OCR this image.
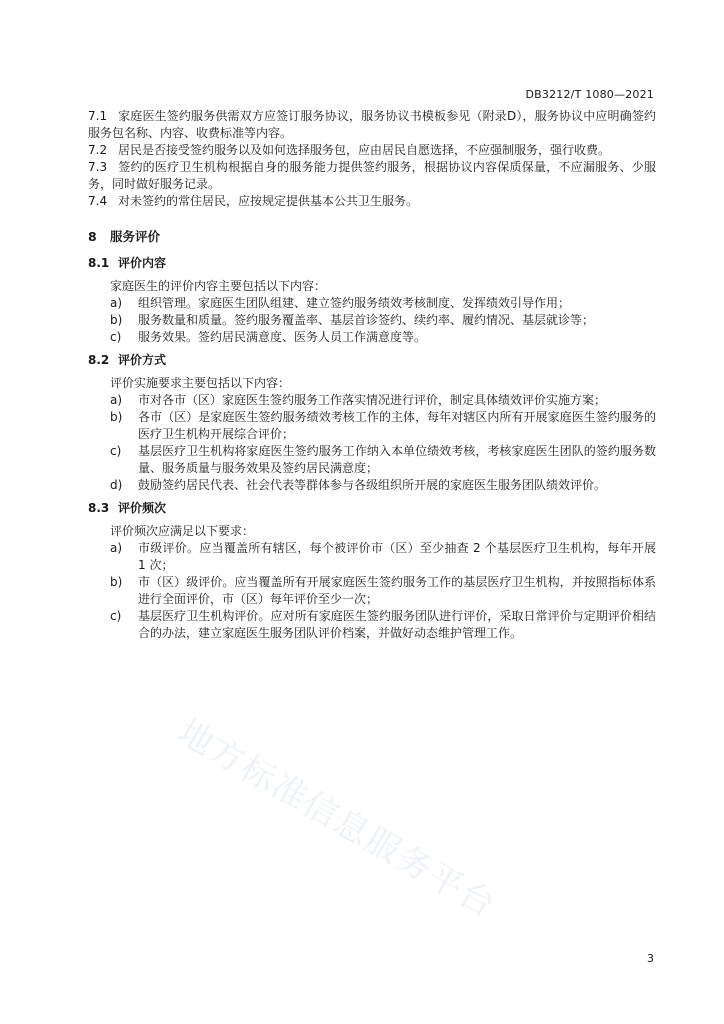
DB3212/T 1080—2021
地方标准信息服务平台

7.1 家庭医生签约服务供需双方应签订服务协议，服务协议书模板参见（附录D），服务协议中应明确签约服务包名称、内容、收费标准等内容。

7.2 居民是否接受签约服务以及如何选择服务包，应由居民自愿选择，不应强制服务，强行收费。

7.3 签约的医疗卫生机构根据自身的服务能力提供签约服务，根据协议内容保质保量，不应漏服务、少服务，同时做好服务记录。

7.4 对未签约的常住居民，应按规定提供基本公共卫生服务。

8 服务评价
8.1 评价内容

家庭医生的评价内容主要包括以下内容：

a) 组织管理。家庭医生团队组建、建立签约服务绩效考核制度、发挥绩效引导作用；

b) 服务数量和质量。签约服务覆盖率、基层首诊签约、续约率、履约情况、基层就诊等；

c) 服务效果。签约居民满意度、医务人员工作满意度等。

8.2 评价方式

评价实施要求主要包括以下内容：

a) 市对各市（区）家庭医生签约服务工作落实情况进行评价，制定具体绩效评价实施方案；

b) 各市（区）是家庭医生签约服务绩效考核工作的主体，每年对辖区内所有开展家庭医生签约服务的医疗卫生机构开展综合评价；

c) 基层医疗卫生机构将家庭医生签约服务工作纳入本单位绩效考核，考核家庭医生团队的签约服务数量、服务质量与服务效果及签约居民满意度；

d) 鼓励签约居民代表、社会代表等群体参与各级组织所开展的家庭医生服务团队绩效评价。

8.3 评价频次

评价频次应满足以下要求：

a) 市级评价。应当覆盖所有辖区，每个被评价市（区）至少抽查 2 个基层医疗卫生机构，每年开展 1 次；

b) 市（区）级评价。应当覆盖所有开展家庭医生签约服务工作的基层医疗卫生机构，并按照指标体系进行全面评价，市（区）每年评价至少一次；

c) 基层医疗卫生机构评价。应对所有家庭医生签约服务团队进行评价，采取日常评价与定期评价相结合的办法，建立家庭医生服务团队评价档案，并做好动态维护管理工作。

3
